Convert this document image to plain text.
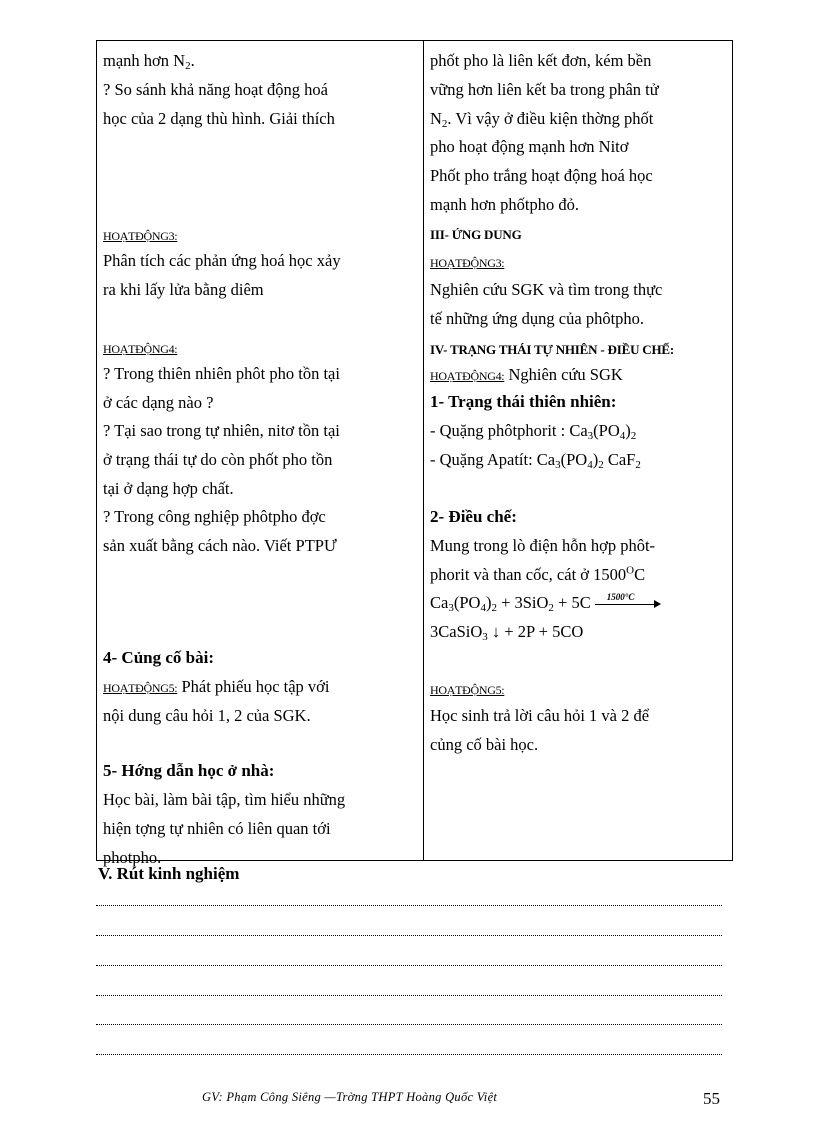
mạnh hơn $N_2$.
? So sánh khả năng hoạt động hoá
học của 2 dạng thù hình. Giải thích
HOẠTĐỘNG3:
Phân tích các phản ứng hoá học xảy
ra khi lấy lửa bằng diêm
HOẠTĐỘNG4:
? Trong thiên nhiên phôt pho tồn tại
ở các dạng nào ?
? Tại sao trong tự nhiên, nitơ tồn tại
ở trạng thái tự do còn phốt pho tồn
tại ở dạng hợp chất.
? Trong công nghiệp phôtpho đợc
sản xuất bằng cách nào. Viết PTPƯ
4- Củng cố bài:
HOẠTĐỘNG5: Phát phiếu học tập với
nội dung câu hỏi 1, 2 của SGK.
5- Hớng dẫn học ở nhà:
Học bài, làm bài tập, tìm hiểu những
hiện tợng tự nhiên có liên quan tới
photpho.
phốt pho là liên kết đơn, kém bền
vững hơn liên kết ba trong phân tử
$N_2$. Vì vậy ở điều kiện thờng phốt
pho hoạt động mạnh hơn Nitơ
Phốt pho trắng hoạt động hoá học
mạnh hơn phốtpho đỏ.
III- ỨNG DUNG
HOẠTĐỘNG3:
Nghiên cứu SGK và tìm trong thực
tế những ứng dụng của phôtpho.
IV- TRẠNG THÁI TỰ NHIÊN - ĐIỀU CHẾ:
HOẠTĐỘNG4: Nghiên cứu SGK
1- Trạng thái thiên nhiên:
- Quặng phôtphorit : $Ca_3(PO_4)_2$
- Quặng Apatít: $Ca_3(PO_4)_2$ CaF$_2$
2- Điều chế:
Mung trong lò điện hỗn hợp phôt-
phorit và than cốc, cát ở $1500^OC$
$Ca_3(PO_4)_2 + 3SiO_2 + 5C$ 1500°C
3CaSiO$_3$ ↓ + 2P + 5CO
HOẠTĐỘNG5:
Học sinh trả lời câu hỏi 1 và 2 để
củng cố bài học.
V. Rút kinh nghiệm
GV: Phạm Công Siêng —Trờng THPT Hoàng Quốc Việt	55
